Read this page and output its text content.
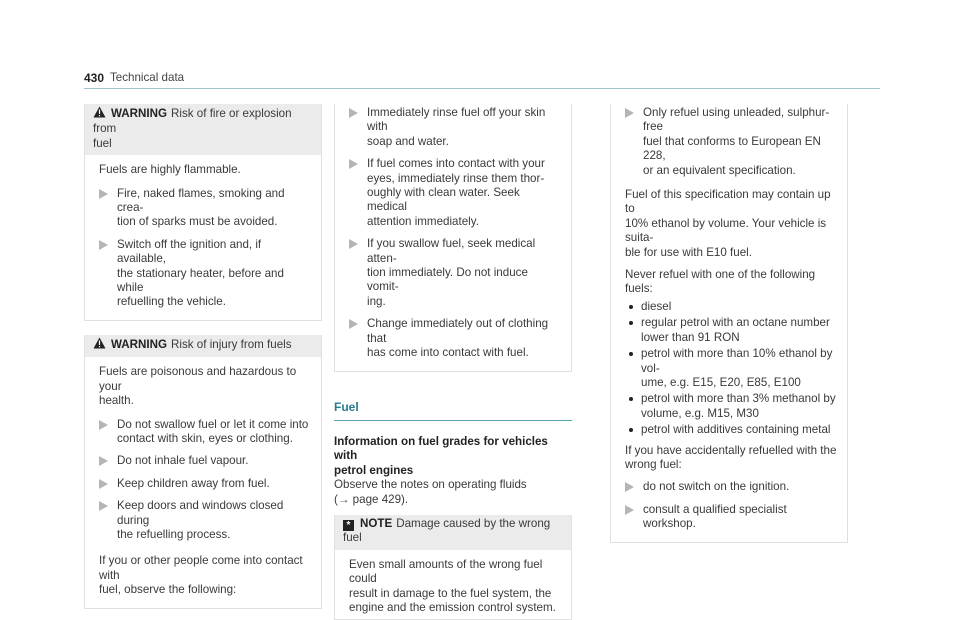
430 Technical data
WARNING Risk of fire or explosion from
fuel

Fuels are highly flammable.

Fire, naked flames, smoking and crea-
tion of sparks must be avoided.
Switch off the ignition and, if available,
the stationary heater, before and while
refuelling the vehicle.
WARNING Risk of injury from fuels

Fuels are poisonous and hazardous to your
health.

Do not swallow fuel or let it come into
contact with skin, eyes or clothing.
Do not inhale fuel vapour.
Keep children away from fuel.
Keep doors and windows closed during
the refuelling process.

If you or other people come into contact with
fuel, observe the following:

Immediately rinse fuel off your skin with
soap and water.
If fuel comes into contact with your
eyes, immediately rinse them thor-
oughly with clean water. Seek medical
attention immediately.
If you swallow fuel, seek medical atten-
tion immediately. Do not induce vomit-
ing.
Change immediately out of clothing that
has come into contact with fuel.
Fuel
Information on fuel grades for vehicles with
petrol engines
Observe the notes on operating fluids
(→ page 429).
* NOTE Damage caused by the wrong fuel
Even small amounts of the wrong fuel could
result in damage to the fuel system, the
engine and the emission control system.
Only refuel using unleaded, sulphur-free
fuel that conforms to European EN 228,
or an equivalent specification.

Fuel of this specification may contain up to
10% ethanol by volume. Your vehicle is suita-
ble for use with E10 fuel.

Never refuel with one of the following fuels:

diesel
regular petrol with an octane number
lower than 91 RON
petrol with more than 10% ethanol by vol-
ume, e.g. E15, E20, E85, E100
petrol with more than 3% methanol by
volume, e.g. M15, M30
petrol with additives containing metal

If you have accidentally refuelled with the
wrong fuel:

do not switch on the ignition.
consult a qualified specialist workshop.
